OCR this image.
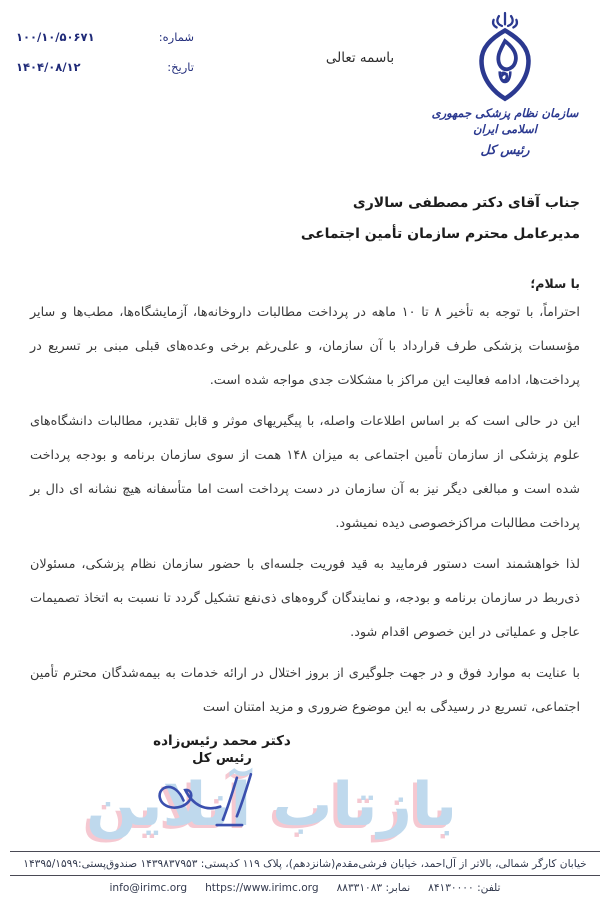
شماره:
۱۰۰/۱۰/۵۰۶۷۱
تاریخ:
۱۴۰۴/۰۸/۱۲
باسمه تعالی
سازمان نظام پزشکی جمهوری اسلامی ایران
رئیس کل
جناب آقای دکتر مصطفی سالاری
مدیرعامل محترم سازمان تأمین اجتماعی
با سلام؛

احتراماً، با توجه به تأخیر ۸ تا ۱۰ ماهه در پرداخت مطالبات داروخانه‌ها، آزمایشگاه‌ها، مطب‌ها و سایر مؤسسات پزشکی طرف قرارداد با آن سازمان، و علی‌رغم برخی وعده‌های قبلی مبنی بر تسریع در پرداخت‌ها، ادامه فعالیت این مراکز با مشکلات جدی مواجه شده است.

این در حالی است که بر اساس اطلاعات واصله، با پیگیریهای موثر و قابل تقدیر، مطالبات دانشگاه‌های علوم پزشکی از سازمان تأمین اجتماعی به میزان ۱۴۸ همت از سوی سازمان برنامه و بودجه پرداخت شده است و مبالغی دیگر نیز به آن سازمان در دست پرداخت است اما متأسفانه هیچ نشانه ای دال بر پرداخت مطالبات مراکزخصوصی دیده نمیشود.

لذا خواهشمند است دستور فرمایید به قید فوریت جلسه‌ای با حضور سازمان نظام پزشکی، مسئولان ذی‌ربط در سازمان برنامه و بودجه، و نمایندگان گروه‌های ذی‌نفع تشکیل گردد تا نسبت به اتخاذ تصمیمات عاجل و عملیاتی در این خصوص اقدام شود.

با عنایت به موارد فوق و در جهت جلوگیری از بروز اختلال در ارائه خدمات به بیمه‌شدگان محترم تأمین اجتماعی، تسریع در رسیدگی به این موضوع ضروری و مزید امتنان است

بازتاب آنلاین
دکتر محمد رئیس‌زاده
رئیس کل
خیابان کارگر شمالی، بالاتر از آل‌احمد، خیابان فرشی‌مقدم(شانزدهم)، پلاک ۱۱۹ کدپستی: ۱۴۳۹۸۳۷۹۵۳ صندوق‌پستی:۱۴۳۹۵/۱۵۹۹
تلفن: ۸۴۱۳۰۰۰۰
نمابر: ۸۸۳۳۱۰۸۳
https://www.irimc.org
info@irimc.org
